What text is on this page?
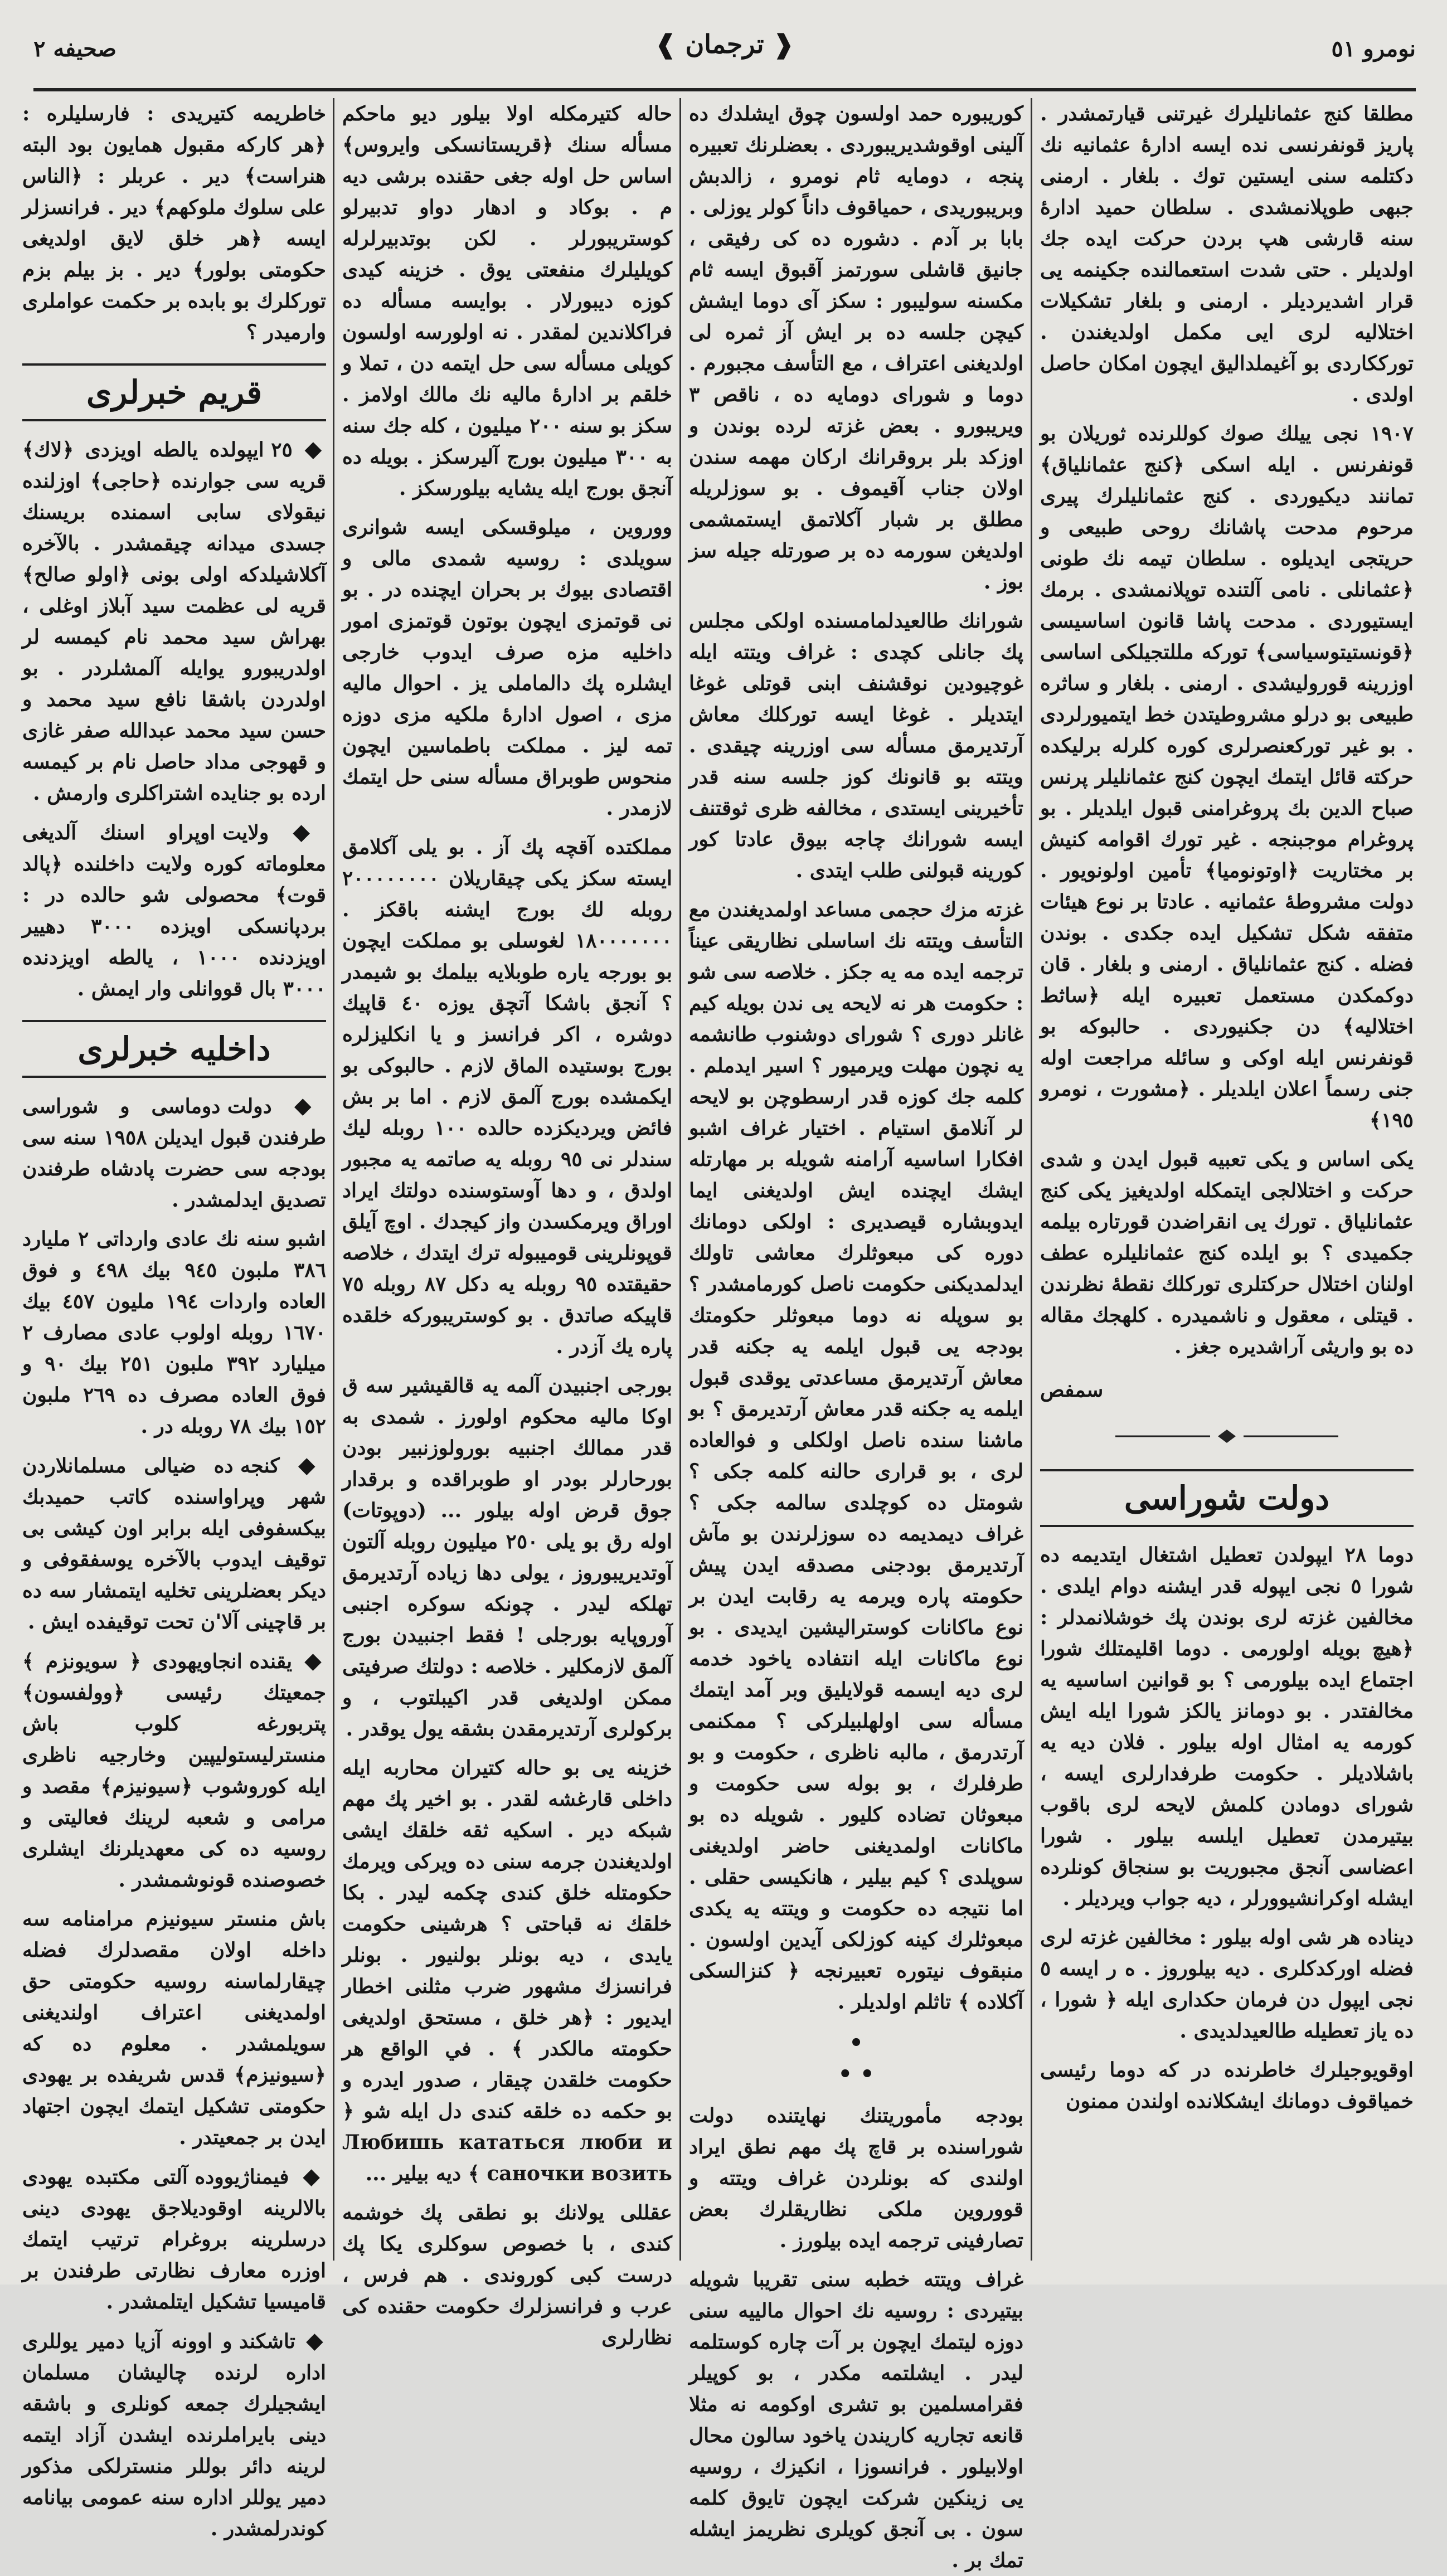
صحيفه ٢	❰ ترجمان ❱	نومرو ٥١

مطلقا كنج عثمانليلرك غيرتنى قيارتمشدر . پاريز قونفرنسى نده ايسه ادارهٔ عثمانيه نك دكتلمه سنى ايستين توك . بلغار . ارمنى جبهى طوپلانمشدى . سلطان حميد ادارهٔ سنه قارشى هپ بردن حركت ايده جك اولديلر . حتى شدت استعمالنده جكينمه يى قرار اشديرديلر . ارمنى و بلغار تشكيلات اختلاليه لرى ايى مكمل اولديغندن . تورككاردى بو آغيملداليق ايچون امكان حاصل اولدى .

١٩٠٧ نجى ييلك صوك كوللرنده ثوريلان بو قونفرنس . ايله اسكى ﴿كنج عثمانلياق﴾ تمانند ديكيوردى . كنج عثمانليلرك پيرى مرحوم مدحت پاشانك روحى طبيعى و حريتجى ايديلوه . سلطان تيمه نك طونى ﴿عثمانلى . نامى آلتنده توپلانمشدى . برمك ايستيوردى . مدحت پاشا قانون اساسيسى ﴿قونستيتوسياسى﴾ توركه مللتجيلكى اساسى اوزرينه قوروليشدى . ارمنى . بلغار و ساثره طبيعى بو درلو مشروطيتدن خط ايتميورلردى . بو غير توركعنصرلرى كوره كلرله برليكده حركته قائل ايتمك ايچون كنج عثمانليلر پرنس صباح الدين بك پروغرامنى قبول ايلديلر . بو پروغرام موجبنجه . غير تورك اقوامه كنيش بر مختاريت ﴿اوتونوميا﴾ تأمين اولونويور . دولت مشروطهٔ عثمانيه . عادتا بر نوع هيئات متفقه شكل تشكيل ايده جكدى . بوندن فضله . كنج عثمانلياق . ارمنى و بلغار . قان دوكمكدن مستعمل تعبيره ايله ﴿ساثط اختلاليه﴾ دن جكنيوردى . حالبوكه بو قونفرنس ايله اوكى و سائله مراجعت اوله جنى رسماً اعلان ايلديلر . ﴿مشورت ، نومرو ١٩٥﴾

يكى اساس و يكى تعبيه قبول ايدن و شدى حركت و اختلالجى ايتمكله اولديغيز يكى كنج عثمانلياق . تورك يى انقراضدن قورتاره بيلمه جكميدى ؟ بو ايلده كنج عثمانليلره عطف اولنان اختلال حركتلرى توركلك نقطهٔ نظرندن . قيتلى ، معقول و ناشميدره . كلهجك مقاله ده بو واريثى آراشديره جغز .

سمفص
دولت شوراسى

دوما ٢٨ ايپولدن تعطيل اشتغال ايتديمه ده شورا ٥ نجى ايپوله قدر ايشنه دوام ايلدى . مخالفين غزته لرى بوندن پك خوشلانمدلر : ﴿هيچ بويله اولورمى . دوما اقليمتلك شورا اجتماع ايده بيلورمى ؟ بو قوانين اساسيه يه مخالفتدر . بو دومانز يالكز شورا ايله ايش كورمه يه امثال اوله بيلور . فلان ديه يه باشلاديلر . حكومت طرفدارلرى ايسه ، شوراى دومادن كلمش لايحه لرى باقوب بيتيرمدن تعطيل ايلسه بيلور . شورا اعضاسى آنجق مجبوريت بو سنجاق كونلرده ايشله اوكرانشيوورلر ، ديه جواب ويرديلر .

ديناده هر شى اوله بيلور : مخالفين غزته لرى فضله اوركدكلرى . ديه بيلوروز . ه ر ايسه ٥ نجى ايپول دن فرمان حكدارى ايله ﴿ شورا ، ده ياز تعطيله طالعيدلديدى .

اوقويوجيلرك خاطرنده در كه دوما رئيسى خمياقوف دومانك ايشكلانده اولندن ممنون

كوريبوره حمد اولسون چوق ايشلدك ده آلينى اوقوشديريبوردى . بعضلرنك تعبيره پنجه ، دومايه ثام نومرو ، زالدبش وبريبوريدى ، حمياقوف داناً كولر يوزلى . بابا بر آدم . دشوره ده كى رفيقى ، جانيق قاشلى سورتمز آقبوق ايسه ثام مكسنه سوليبور : سكز آى دوما ايشش كيچن جلسه ده بر ايش آز ثمره لى اولديغنى اعتراف ، مع التأسف مجبورم . دوما و شوراى دومايه ده ، ناقص ٣ ويريبورو . بعض غزته لرده بوندن و اوزكد بلر بروقرانك اركان مهمه سندن اولان جناب آقيموف . بو سوزلريله مطلق بر شبار آكلاتمق ايستمشمى اولديغن سورمه ده بر صورتله جيله سز بوز .

شورانك طالعيدلمامسنده اولكى مجلس پك جانلى كچدى : غراف ويتته ايله غوچيودين نوقشنف ابنى قوتلى غوغا ايتديلر . غوغا ايسه توركلك معاش آرتديرمق مسأله سى اوزرينه چيقدى . ويتته بو قانونك كوز جلسه سنه قدر تأخيرينى ايستدى ، مخالفه ظرى ثوقتنف ايسه شورانك چاجه بيوق عادتا كور كورينه قبولنى طلب ايتدى .

غزته مزك حجمى مساعد اولمديغندن مع التأسف ويتته نك اساسلى نظاريقى عيناً ترجمه ايده مه يه جكز . خلاصه سى شو : حكومت هر نه لايحه يى ندن بويله كيم غانلر دورى ؟ شوراى دوشنوب طانشمه يه نچون مهلت ويرميور ؟ اسير ايدملم . كلمه جك كوزه قدر ارسطوچن بو لايحه لر آنلامق استيام . اختيار غراف اشبو افكارا اساسيه آرامنه شويله بر مهارتله ايشك ايچنده ايش اولديغنى ايما ايدوبشاره قيصديرى : اولكى دومانك دوره كى مبعوثلرك معاشى تاولك ايدلمديكنى حكومت ناصل كورمامشدر ؟ بو سوپله نه دوما مبعوثلر حكومتك بودجه يى قبول ايلمه يه جكنه قدر معاش آرتديرمق مساعدتى يوقدى قبول ايلمه يه جكنه قدر معاش آرتديرمق ؟ بو ماشنا سنده ناصل اولكلى و فوالعاده لرى ، بو قرارى حالنه كلمه جكى ؟ شومتل ده كوچلدى سالمه جكى ؟ غراف ديمديمه ده سوزلرندن بو مآش آرتديرمق بودجنى مصدقه ايدن پيش حكومته پاره ويرمه يه رقابت ايدن بر نوع ماكانات كوستراليشين ايديدى . بو نوع ماكانات ايله انتفاده ياخود خدمه لرى ديه ايسمه قولايليق وبر آمد ايتمك مسأله سى اولهلبيلركى ؟ ممكنمى آرتدرمق ، مالبه ناظرى ، حكومت و بو طرفلرك ، بو بوله سى حكومت و مبعوثان تضاده كليور . شويله ده بو ماكانات اولمديغنى حاضر اولديغنى سوپلدى ؟ كيم بيلير ، هانكيسى حقلى . اما نتيجه ده حكومت و ويتته يه يكدى مبعوثلرك كينه كوزلكى آيدين اولسون . منبقوف نيتوره تعبيرنجه ﴿ كنزالسكى آكلاده ﴾ تاثلم اولديلر .

•
• •

بودجه مأموريتنك نهايتنده دولت شوراسنده بر قاچ پك مهم نطق ايراد اولندى كه بونلردن غراف ويتته و قووروين ملكى نظاريقلرك بعض تصارفينى ترجمه ايده بيلورز .

غراف ويتته خطبه سنى تقريبا شويله بيتيردى : روسيه نك احوال مالييه سنى دوزه ليتمك ايچون بر آت چاره كوستلمه ليدر . ايشلتمه مكدر ، بو كوپيلر فقرامسلمين بو تشرى اوكومه نه مثلا قانعه تجاريه كاريندن ياخود سالون محال اولابيلور . فرانسوزا ، انكيزك ، روسيه يى زينكين شركت ايچون تايوق كلمه سون . بى آنجق كويلرى نظريمز ايشله تمك بر .

حاله كتيرمكله اولا بيلور ديو ماحكم مسأله سنك ﴿قريستانسكى وايروس﴾ اساس حل اوله جغى حقنده برشى ديه م . بوكاد و ادهار دواو تدبيرلو كوستريبورلر . لكن بوتدبيرلرله كويليلرك منفعتى يوق . خزينه كيدى كوزه ديبورلار . بوايسه مسأله ده فراكلاندين لمقدر . نه اولورسه اولسون كويلى مسأله سى حل ايتمه دن ، تملا و خلقم بر ادارهٔ ماليه نك مالك اولامز . سكز بو سنه ٢٠٠ ميليون ، كله جك سنه به ٣٠٠ ميليون بورج آليرسكز . بويله ده آنجق بورج ايله يشايه بيلورسكز .

ووروين ، ميلوقسكى ايسه شوانرى سويلدى : روسيه شمدى مالى و اقتصادى بيوك بر بحران ايچنده در . بو نى قوتمزى ايچون بوتون قوتمزى امور داخليه مزه صرف ايدوب خارجى ايشلره پك دالماملى يز . احوال ماليه مزى ، اصول ادارهٔ ملكيه مزى دوزه تمه ليز . مملكت باطماسين ايچون منحوس طوبراق مسأله سنى حل ايتمك لازمدر .

مملكتده آقچه پك آز . بو يلى آكلامق ايسته سكز يكى چيقاريلان ٢٠٠٠٠٠٠٠٠ روبله لك بورج ايشنه باقكز . ١٨٠٠٠٠٠٠٠ لغوسلى بو مملكت ايچون بو بورجه ياره طوبلايه بيلمك بو شيمدر ؟ آنجق باشكا آتچق يوزه ٤٠ قاپيك دوشره ، اكر فرانسز و يا انكليزلره بورج بوستيده الماق لازم . حالبوكى بو ايكمشده بورج آلمق لازم . اما بر بش فائض ويرديكزده حالده ١٠٠ روبله ليك سندلر نى ٩٥ روبله يه صاتمه يه مجبور اولدق ، و دها آوستوسنده دولتك ايراد اوراق ويرمكسدن واز كيجدك . اوچ آيلق قوپونلرينى قوميبوله ترك ايتدك ، خلاصه حقيقتده ٩٥ روبله يه دكل ٨٧ روبله ٧٥ قاپيكه صاتدق . بو كوستريبوركه خلقده پاره يك آزدر .

بورجى اجنبيدن آلمه يه قالقيشير سه ق اوكا ماليه محكوم اولورز . شمدى به قدر ممالك اجنبيه بورولوزنبير بودن بورحارلر بودر او طوبراقده و برقدار جوق قرض اوله بيلور ... (دوپوتات) اوله رق بو يلى ٢٥٠ ميليون روبله آلتون آوتديريبوروز ، يولى دها زياده آرتديرمق تهلكه ليدر . چونكه سوكره اجنبى آوروپايه بورجلى ! فقط اجنبيدن بورج آلمق لازمكلير . خلاصه : دولتك صرفيتى ممكن اولديغى قدر اكيبلتوب ، و بركولرى آرتديرمقدن بشقه يول يوقدر .

خزينه يى بو حاله كتيران محاربه ايله داخلى قارغشه لقدر . بو اخير پك مهم شبكه دير . اسكيه ثقه خلقك ايشى اولديغندن جرمه سنى ده ويركى ويرمك حكومتله خلق كندى چكمه ليدر . بكا خلقك نه قباحتى ؟ هرشينى حكومت يايدى ، ديه بونلر بولنيور . بونلر فرانسزك مشهور ضرب مثلنى اخطار ايديور : ﴿هر خلق ، مستحق اولديغى حكومته مالكدر ﴾ . في الواقع هر حكومت خلقدن چيقار ، صدور ايدره و بو حكمه ده خلقه كندى دل ايله شو ﴿ Любишь кататься люби и саночки возить ﴾ ديه بيلير ...

عقللى يولانك بو نطقى پك خوشمه كندى ، با خصوص سوكلرى يكا پك درست كبى كوروندى . هم فرس ، عرب و فرانسزلرك حكومت حقنده كى نظارلرى

خاطريمه كتيريدى : فارسليلره : ﴿هر كاركه مقبول همايون بود البته هنراست﴾ دير . عربلر : ﴿الناس على سلوك ملوكهم﴾ دير . فرانسزلر ايسه ﴿هر خلق لايق اولديغى حكومتى بولور﴾ دير . بز بيلم بزم توركلرك بو بابده بر حكمت عواملرى وارميدر ؟

قريم خبرلرى

◆ ٢٥ ايپولده يالطه اويزدى ﴿لاك﴾ قريه سى جوارنده ﴿حاجى﴾ اوزلنده نيقولاى سابى اسمنده بريسنك جسدى ميدانه چيقمشدر . بالآخره آكلاشيلدكه اولى بونى ﴿اولو صالح﴾ قريه لى عظمت سيد آبلاز اوغلى ، بهراش سيد محمد نام كيمسه لر اولدريبورو يوايله آلمشلردر . بو اولدردن باشقا نافع سيد محمد و حسن سيد محمد عبدالله صفر غازى و قهوجى مداد حاصل نام بر كيمسه ارده بو جنايده اشتراكلرى وارمش .

◆ ولايت اوپراو اسنك آلديغى معلوماته كوره ولايت داخلنده ﴿پالد قوت﴾ محصولى شو حالده در : بردپانسكى اويزده ٣٠٠٠ دهيير اويزدنده ١٠٠٠ ، يالطه اويزدنده ٣٠٠٠ بال قووانلى وار ايمش .

داخليه خبرلرى

◆ دولت دوماسى و شوراسى طرفندن قبول ايديلن ١٩٥٨ سنه سى بودجه سى حضرت پادشاه طرفندن تصديق ايدلمشدر .

اشبو سنه نك عادى وارداتى ٢ مليارد ٣٨٦ ملبون ٩٤٥ بيك ٤٩٨ و فوق العاده واردات ١٩٤ مليون ٤٥٧ بيك ١٦٧٠ روبله اولوب عادى مصارف ٢ ميليارد ٣٩٢ ملبون ٢٥١ بيك ٩٠ و فوق العاده مصرف ده ٢٦٩ ملبون ١٥٢ بيك ٧٨ روبله در .

◆ كنجه ده ضيالى مسلمانلاردن شهر وپراواسنده كاتب حميدبك بيكسفوفى ايله برابر اون كيشى بى توقيف ايدوب بالآخره يوسفقوفى و ديكر بعضلرينى تخليه ايتمشار سه ده بر قاچينى آلا'ن تحت توقيفده ايش .

◆ يقنده انجاويهودى ﴿ سويونزم ﴾ جمعيتك رئيسى ﴿وولفسون﴾ پتربورغه كلوب باش منسترليستوليپين وخارجيه ناظرى ايله كوروشوب ﴿سيونيزم﴾ مقصد و مرامى و شعبه لرينك فعاليتى و روسيه ده كى معهديلرنك ايشلرى خصوصنده قونوشمشدر .

باش منستر سيونيزم مرامنامه سه داخله اولان مقصدلرك فضله چيقارلماسنه روسيه حكومتى حق اولمديغنى اعتراف اولنديغنى سويلمشدر . معلوم ده كه ﴿سيونيزم﴾ قدس شريفده بر يهودى حكومتى تشكيل ايتمك ايچون اجتهاد ايدن بر جمعيتدر .

◆ فيمناژيووده آلتى مكتبده يهودى بالالرينه اوقوديلاجق يهودى دينى درسلرينه بروغرام ترتيب ايتمك اوزره معارف نظارتى طرفندن بر قاميسيا تشكيل ايتلمشدر .

◆ تاشكند و اوونه آزيا دمير يوللرى اداره لرنده چاليشان مسلمان ايشجيلرك جمعه كونلرى و باشقه دينى بايراملرنده ايشدن آزاد ايتمه لرينه دائر بوللر منسترلكى مذكور دمير يوللر اداره سنه عمومى بيانامه كوندرلمشدر .
